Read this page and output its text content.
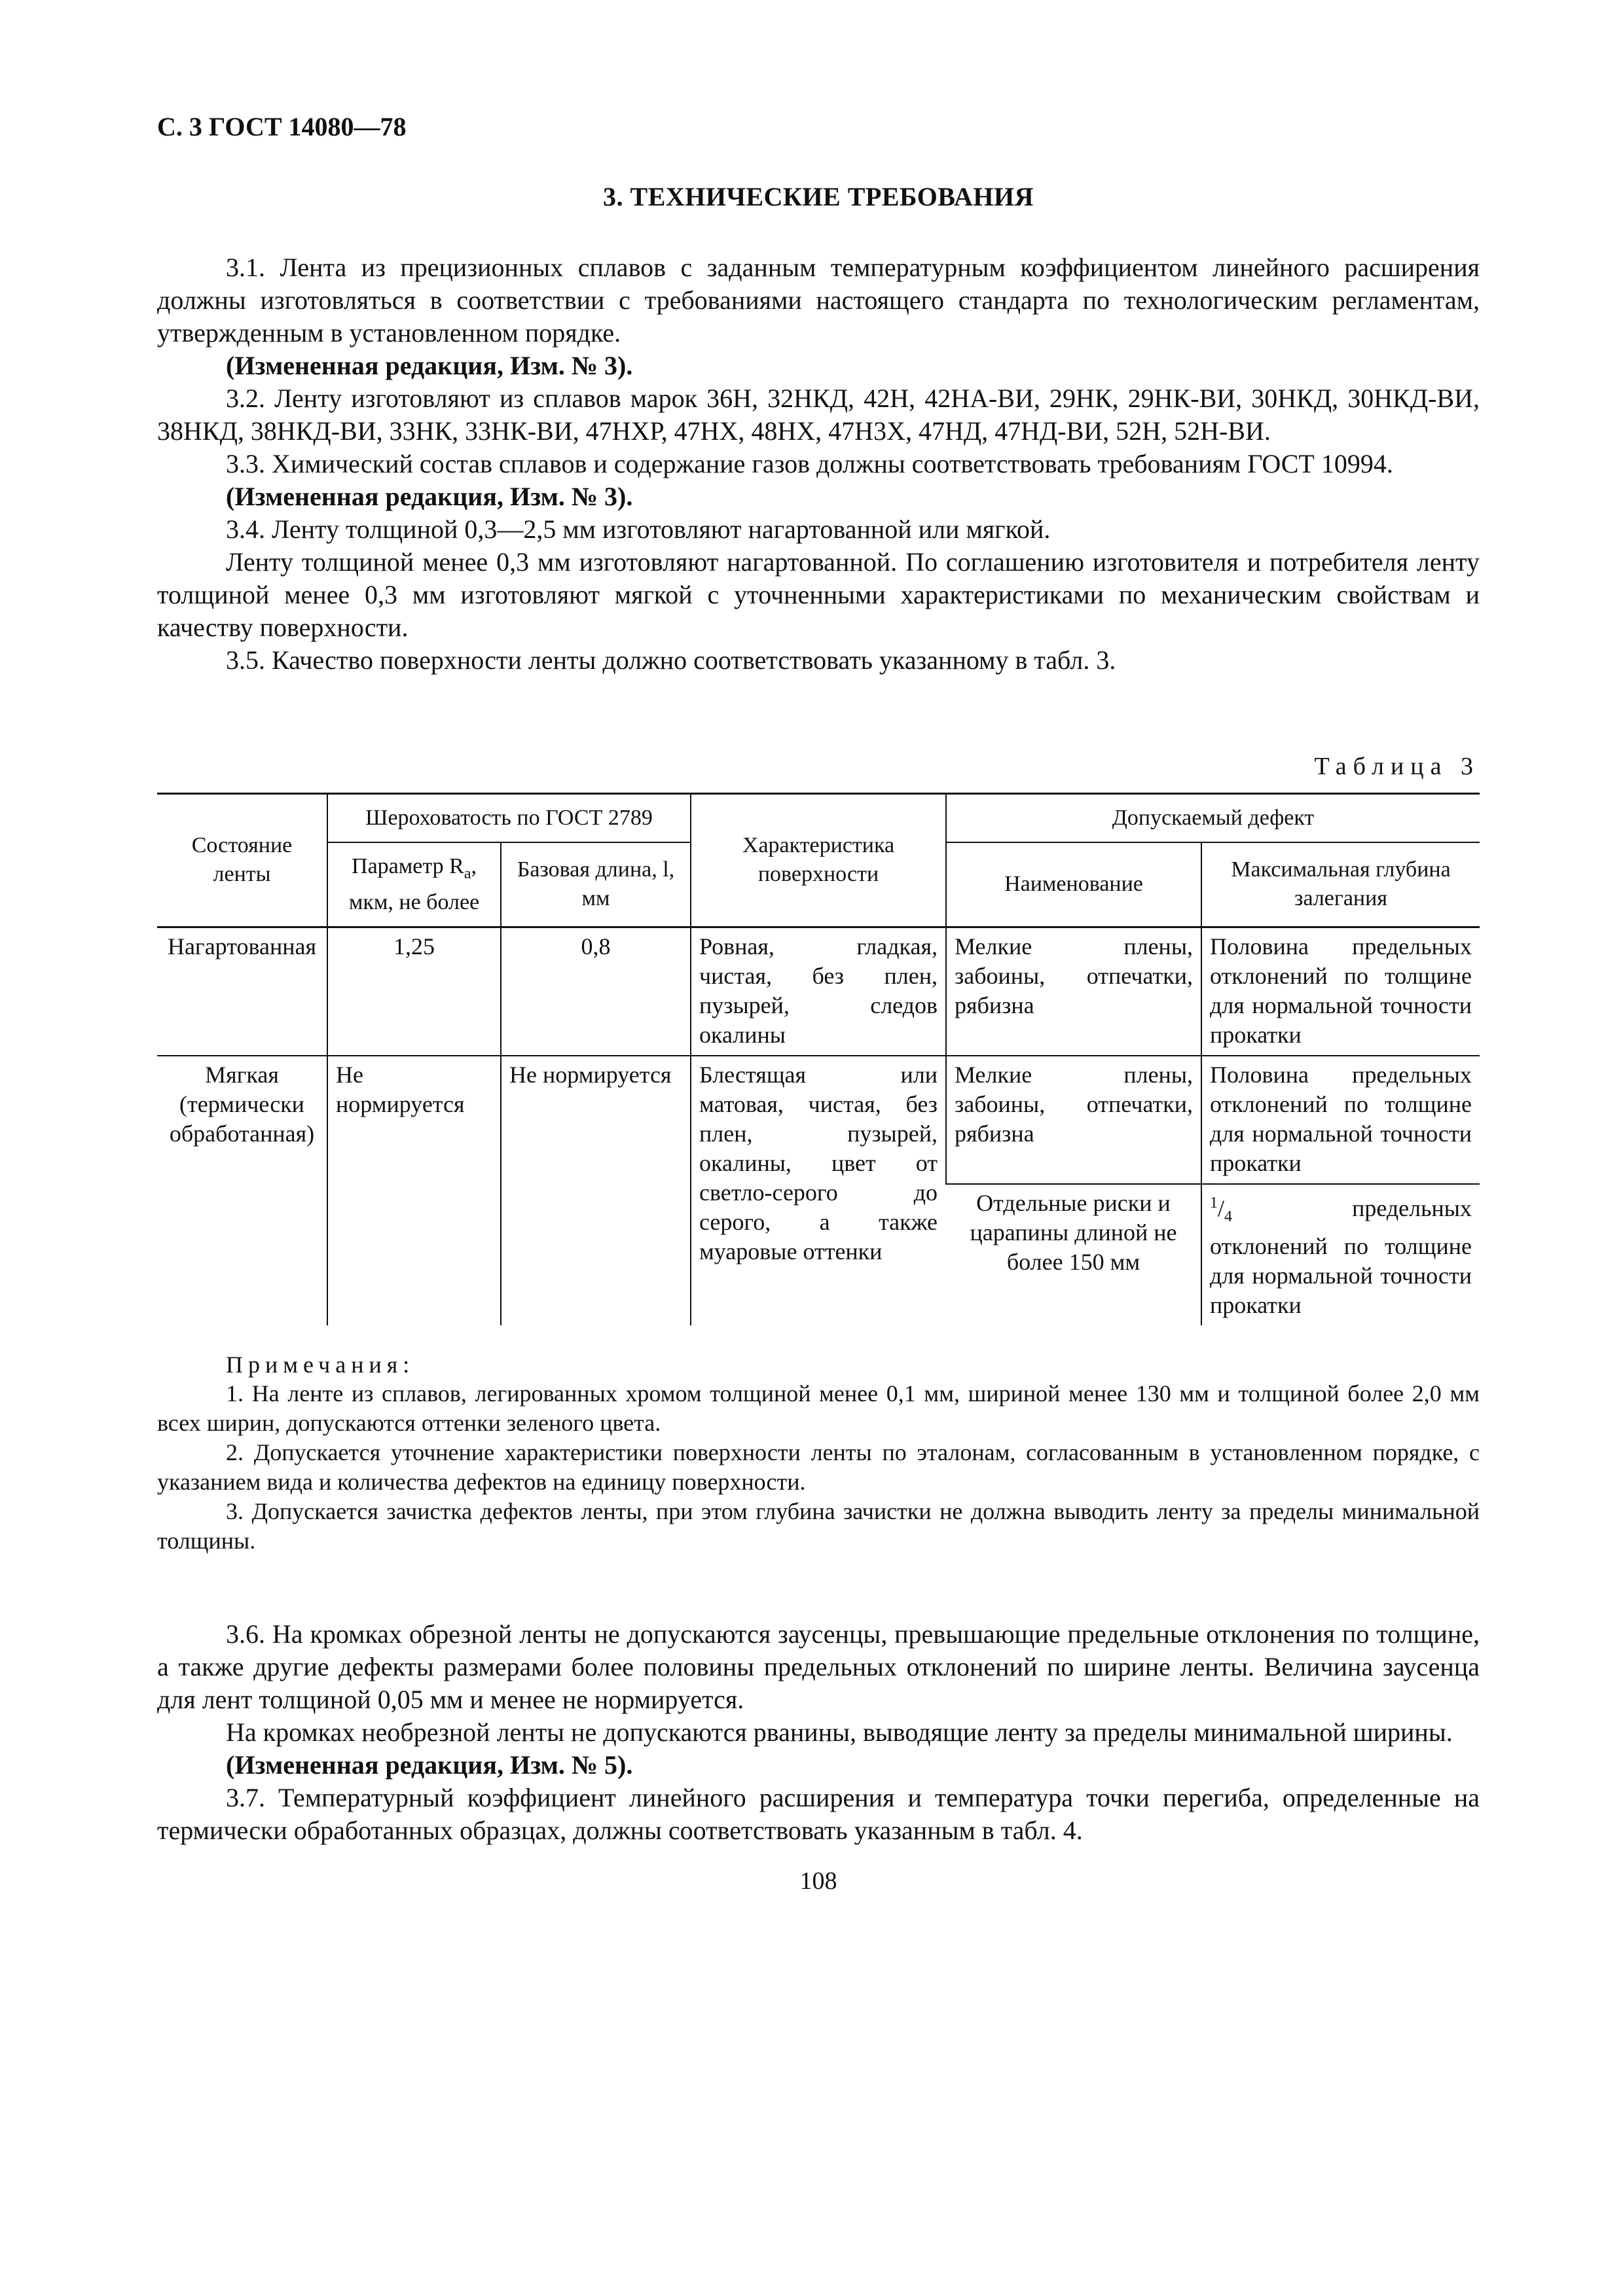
С. 3 ГОСТ 14080—78
3. ТЕХНИЧЕСКИЕ ТРЕБОВАНИЯ

3.1. Лента из прецизионных сплавов с заданным температурным коэффициентом линейного расширения должны изготовляться в соответствии с требованиями настоящего стандарта по технологическим регламентам, утвержденным в установленном порядке.

(Измененная редакция, Изм. № 3).

3.2. Ленту изготовляют из сплавов марок 36Н, 32НКД, 42Н, 42НА-ВИ, 29НК, 29НК-ВИ, 30НКД, 30НКД-ВИ, 38НКД, 38НКД-ВИ, 33НК, 33НК-ВИ, 47НХР, 47НХ, 48НХ, 47Н3Х, 47НД, 47НД-ВИ, 52Н, 52Н-ВИ.

3.3. Химический состав сплавов и содержание газов должны соответствовать требованиям ГОСТ 10994.

(Измененная редакция, Изм. № 3).

3.4. Ленту толщиной 0,3—2,5 мм изготовляют нагартованной или мягкой.

Ленту толщиной менее 0,3 мм изготовляют нагартованной. По соглашению изготовителя и потребителя ленту толщиной менее 0,3 мм изготовляют мягкой с уточненными характеристиками по механическим свойствам и качеству поверхности.

3.5. Качество поверхности ленты должно соответствовать указанному в табл. 3.

Таблица 3
Состояние ленты	Шероховатость по ГОСТ 2789		Характеристика поверхности	Допускаемый дефект	
	Параметр $R_a$, мкм, не более	Базовая длина, l, мм		Наименование	Максимальная глубина залегания
Нагартованная	1,25	0,8	Ровная, гладкая, чистая, без плен, пузырей, следов окалины	Мелкие плены, забоины, отпечатки, рябизна	Половина предельных отклонений по толщине для нормальной точности прокатки
Мягкая (термически обработанная)	Не нормируется	Не нормируется	Блестящая или матовая, чистая, без плен, пузырей, окалины, цвет от светло-серого до серого, а также муаровые оттенки	Мелкие плены, забоины, отпечатки, рябизна	Половина предельных отклонений по толщине для нормальной точности прокатки
				Отдельные риски и царапины длиной не более 150 мм	$^1/_4$ предельных отклонений по толщине для нормальной точности прокатки
Примечания:

1. На ленте из сплавов, легированных хромом толщиной менее 0,1 мм, шириной менее 130 мм и толщиной более 2,0 мм всех ширин, допускаются оттенки зеленого цвета.

2. Допускается уточнение характеристики поверхности ленты по эталонам, согласованным в установленном порядке, с указанием вида и количества дефектов на единицу поверхности.

3. Допускается зачистка дефектов ленты, при этом глубина зачистки не должна выводить ленту за пределы минимальной толщины.

3.6. На кромках обрезной ленты не допускаются заусенцы, превышающие предельные отклонения по толщине, а также другие дефекты размерами более половины предельных отклонений по ширине ленты. Величина заусенца для лент толщиной 0,05 мм и менее не нормируется.

На кромках необрезной ленты не допускаются рванины, выводящие ленту за пределы минимальной ширины.

(Измененная редакция, Изм. № 5).

3.7. Температурный коэффициент линейного расширения и температура точки перегиба, определенные на термически обработанных образцах, должны соответствовать указанным в табл. 4.

108
